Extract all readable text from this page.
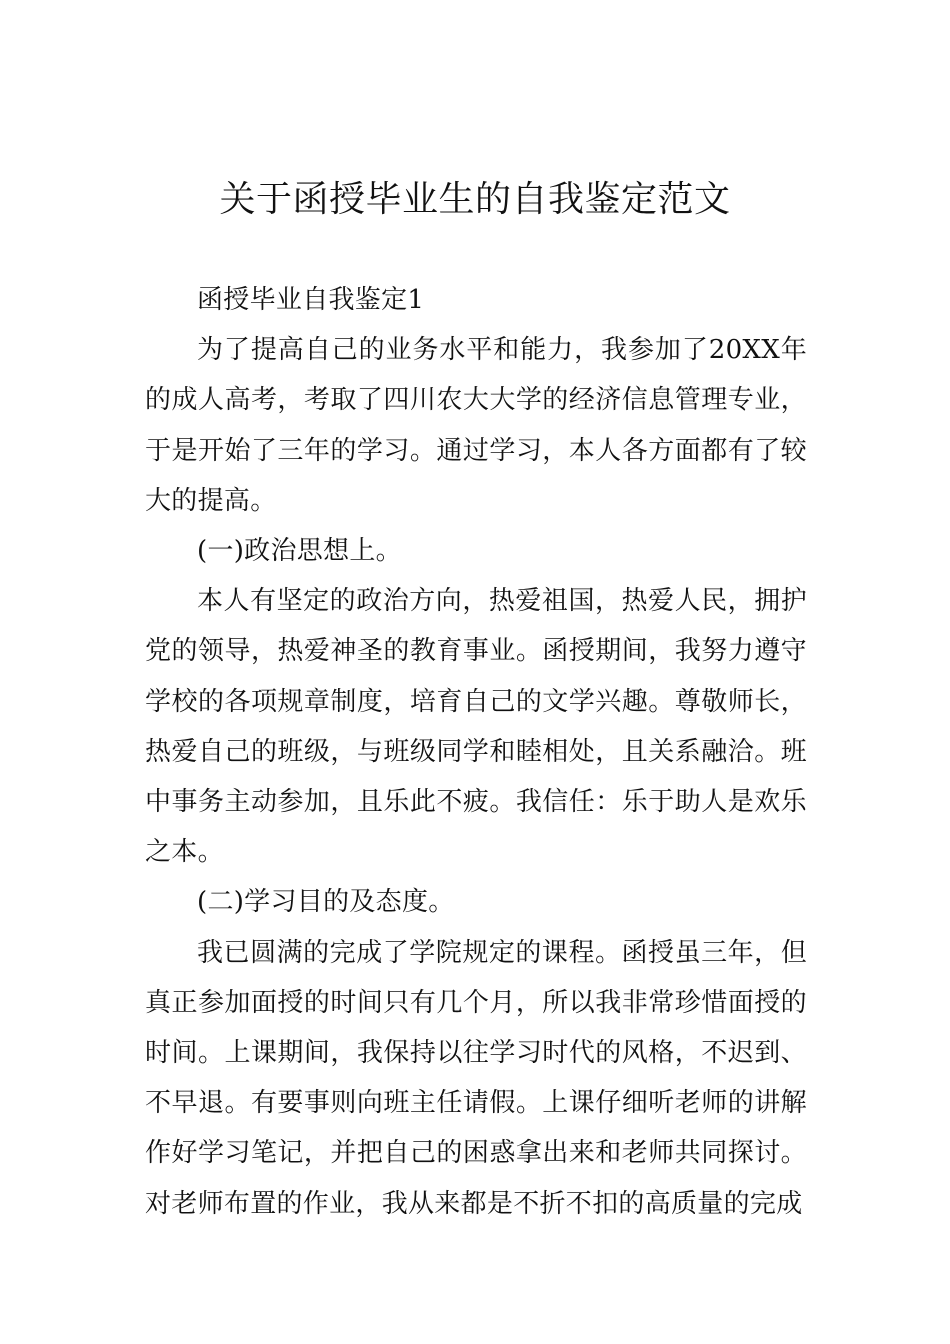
关于函授毕业生的自我鉴定范文

函授毕业自我鉴定1

为了提高自己的业务水平和能力，我参加了20XX年的成人高考，考取了四川农大大学的经济信息管理专业，于是开始了三年的学习。通过学习，本人各方面都有了较大的提高。

(一)政治思想上。

本人有坚定的政治方向，热爱祖国，热爱人民，拥护党的领导，热爱神圣的教育事业。函授期间，我努力遵守学校的各项规章制度，培育自己的文学兴趣。尊敬师长，热爱自己的班级，与班级同学和睦相处，且关系融洽。班中事务主动参加，且乐此不疲。我信任：乐于助人是欢乐之本。

(二)学习目的及态度。

我已圆满的完成了学院规定的课程。函授虽三年，但真正参加面授的时间只有几个月，所以我非常珍惜面授的时间。上课期间，我保持以往学习时代的风格，不迟到、不早退。有要事则向班主任请假。上课仔细听老师的讲解作好学习笔记，并把自己的困惑拿出来和老师共同探讨。对老师布置的作业，我从来都是不折不扣的高质量的完成
